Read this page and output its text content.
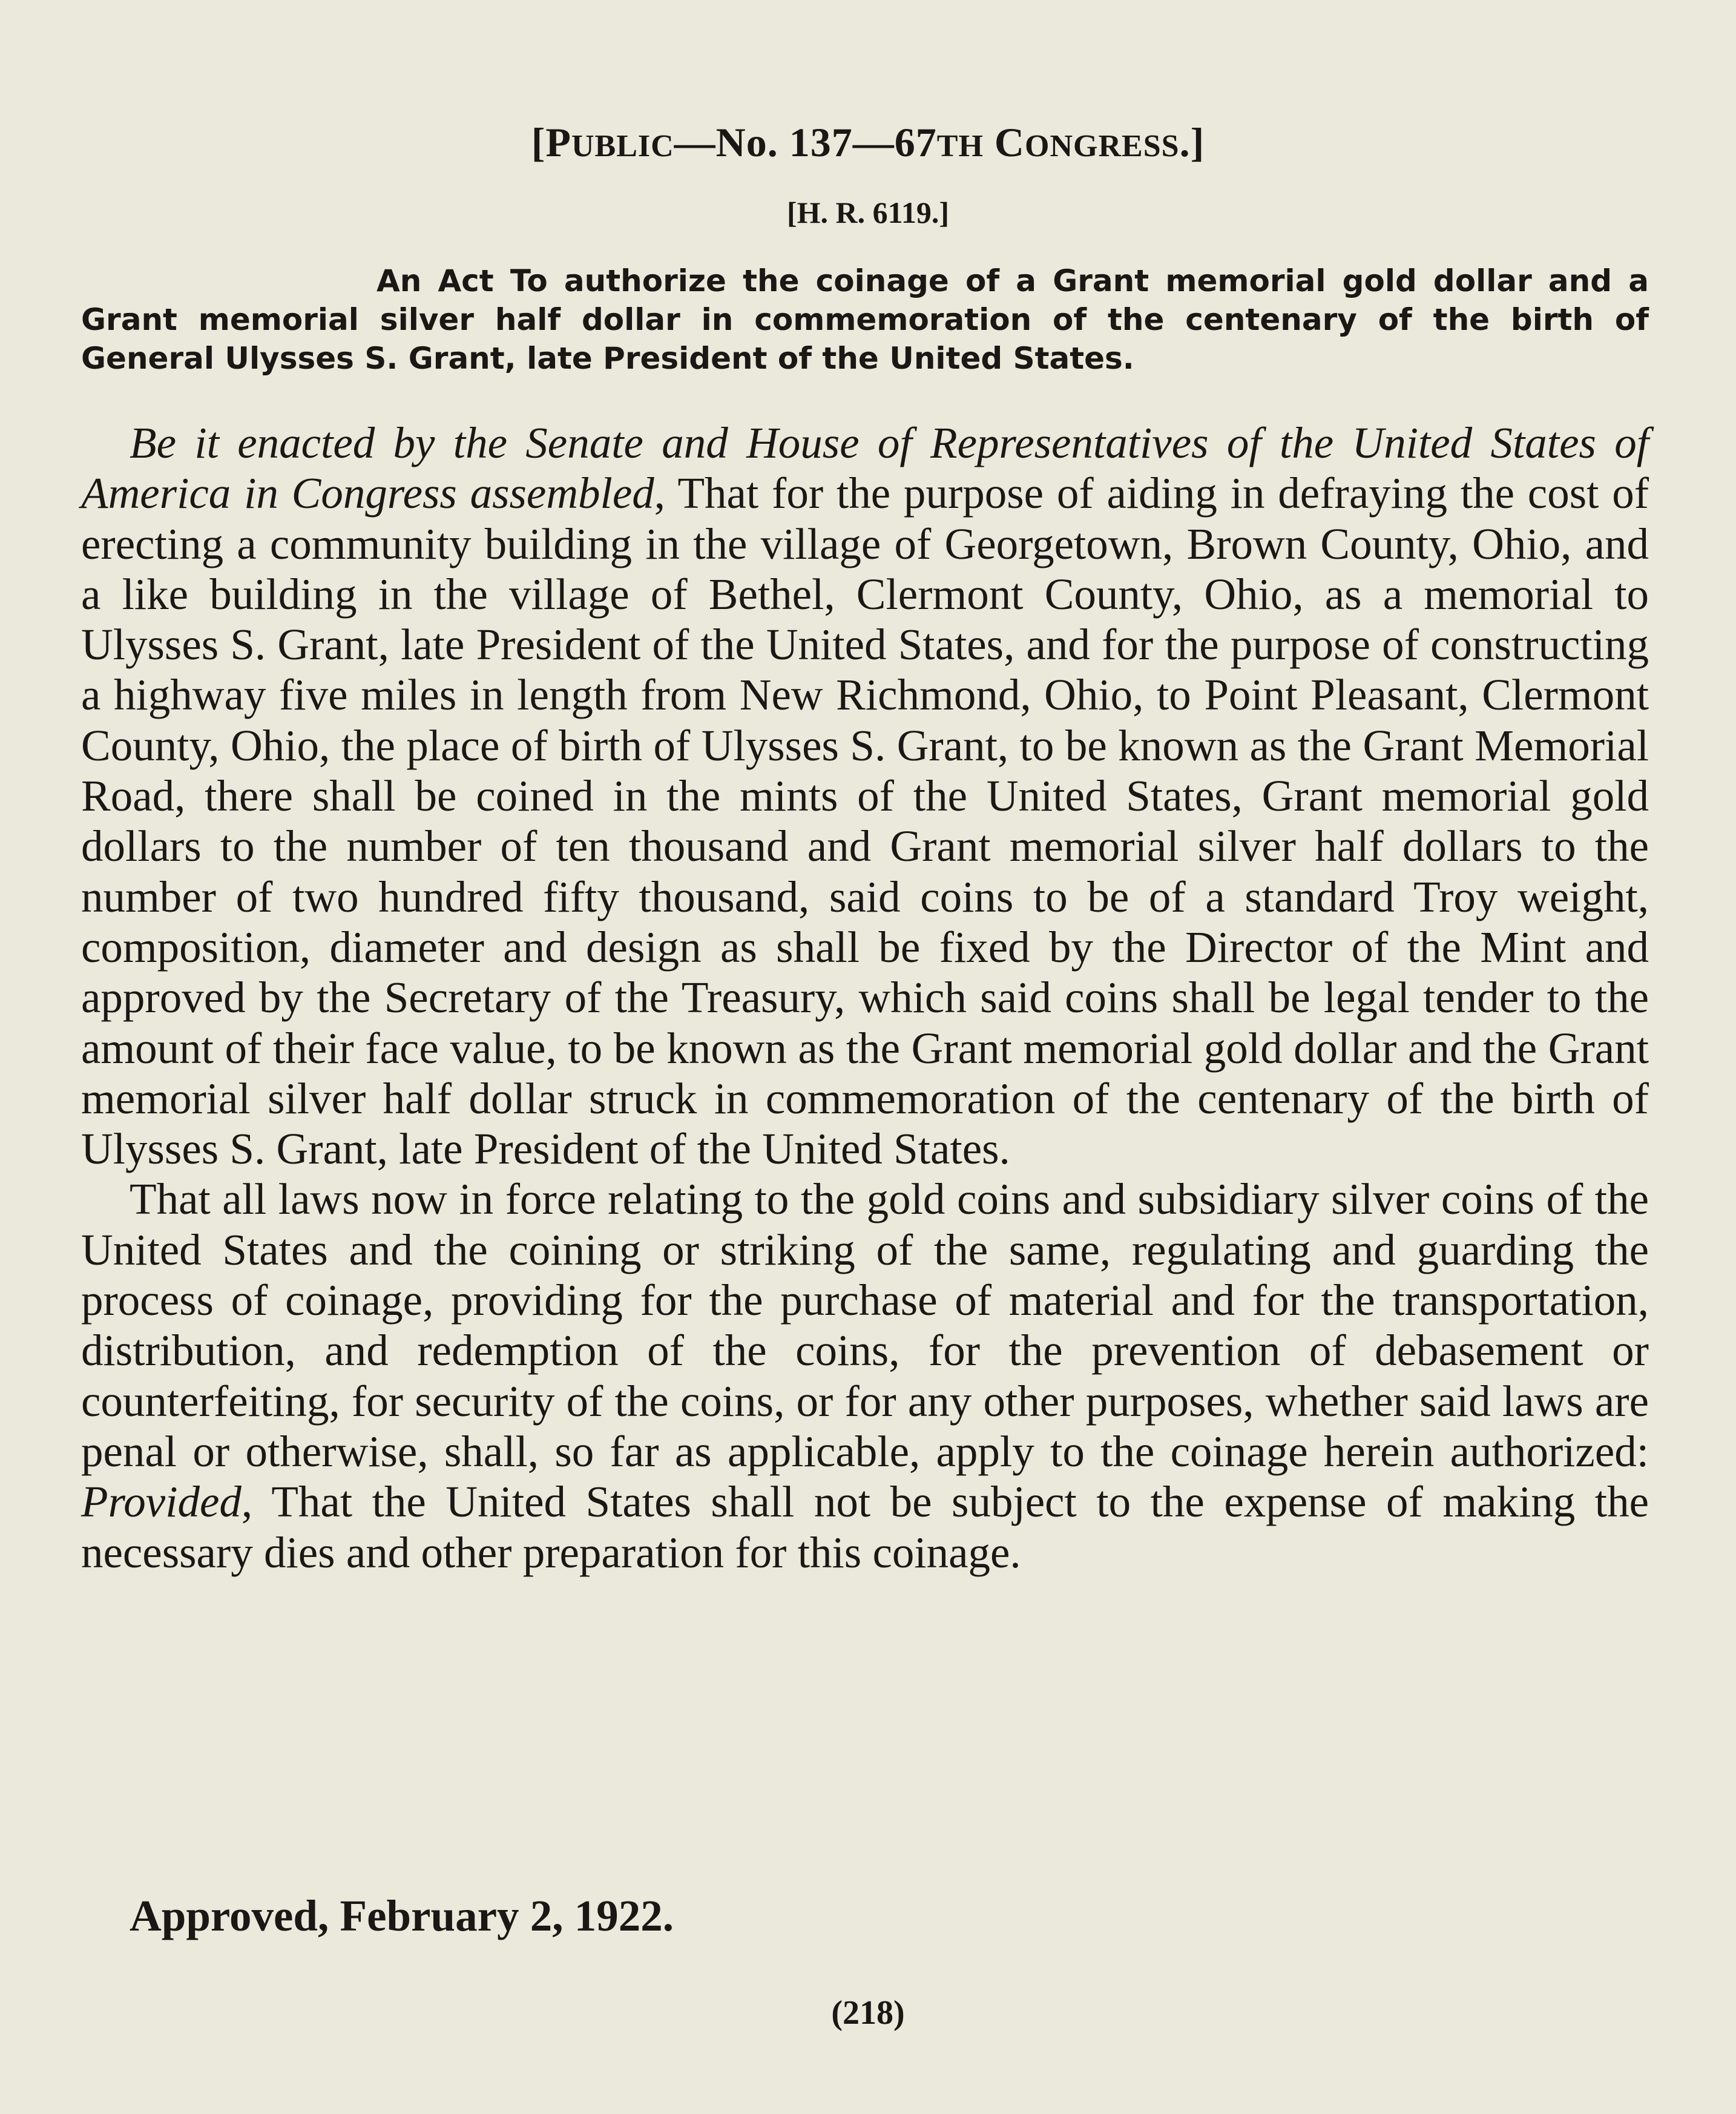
[PUBLIC—No. 137—67TH CONGRESS.]
[H. R. 6119.]
An Act To authorize the coinage of a Grant memorial gold dollar and a Grant memorial silver half dollar in commemoration of the centenary of the birth of General Ulysses S. Grant, late President of the United States.

Be it enacted by the Senate and House of Representatives of the United States of America in Congress assembled, That for the purpose of aiding in defraying the cost of erecting a community building in the village of Georgetown, Brown County, Ohio, and a like building in the village of Bethel, Clermont County, Ohio, as a memorial to Ulysses S. Grant, late President of the United States, and for the purpose of constructing a highway five miles in length from New Richmond, Ohio, to Point Pleasant, Clermont County, Ohio, the place of birth of Ulysses S. Grant, to be known as the Grant Memorial Road, there shall be coined in the mints of the United States, Grant memorial gold dollars to the number of ten thousand and Grant memorial silver half dollars to the number of two hundred fifty thousand, said coins to be of a standard Troy weight, composition, diameter and design as shall be fixed by the Director of the Mint and approved by the Secretary of the Treasury, which said coins shall be legal tender to the amount of their face value, to be known as the Grant memorial gold dollar and the Grant memorial silver half dollar struck in commemoration of the centenary of the birth of Ulysses S. Grant, late President of the United States.

That all laws now in force relating to the gold coins and subsidiary silver coins of the United States and the coining or striking of the same, regulating and guarding the process of coinage, providing for the purchase of material and for the transportation, distribution, and redemption of the coins, for the prevention of debasement or counterfeiting, for security of the coins, or for any other purposes, whether said laws are penal or otherwise, shall, so far as applicable, apply to the coinage herein authorized: Provided, That the United States shall not be subject to the expense of making the necessary dies and other preparation for this coinage.

Approved, February 2, 1922.
(218)
